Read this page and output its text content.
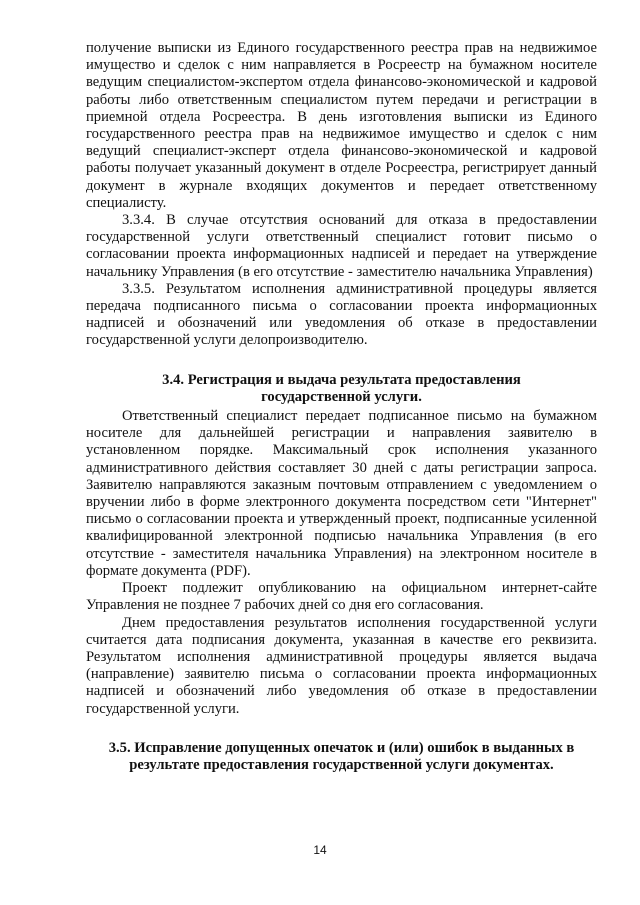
получение выписки из Единого государственного реестра прав на недвижимое имущество и сделок с ним направляется в Росреестр на бумажном носителе ведущим специалистом-экспертом отдела финансово-экономической и кадровой работы либо ответственным специалистом путем передачи и регистрации в приемной отдела Росреестра. В день изготовления выписки из Единого государственного реестра прав на недвижимое имущество и сделок с ним ведущий специалист-эксперт отдела финансово-экономической и кадровой работы получает указанный документ в отделе Росреестра, регистрирует данный документ в журнале входящих документов и передает ответственному специалисту.

3.3.4. В случае отсутствия оснований для отказа в предоставлении государственной услуги ответственный специалист готовит письмо о согласовании проекта информационных надписей и передает на утверждение начальнику Управления (в его отсутствие - заместителю начальника Управления)

3.3.5. Результатом исполнения административной процедуры является передача подписанного письма о согласовании проекта информационных надписей и обозначений или уведомления об отказе в предоставлении государственной услуги делопроизводителю.

3.4. Регистрация и выдача результата предоставления государственной услуги.

Ответственный специалист передает подписанное письмо на бумажном носителе для дальнейшей регистрации и направления заявителю в установленном порядке. Максимальный срок исполнения указанного административного действия составляет 30 дней с даты регистрации запроса. Заявителю направляются заказным почтовым отправлением с уведомлением о вручении либо в форме электронного документа посредством сети "Интернет" письмо о согласовании проекта и утвержденный проект, подписанные усиленной квалифицированной электронной подписью начальника Управления (в его отсутствие - заместителя начальника Управления) на электронном носителе в формате документа (PDF).

Проект подлежит опубликованию на официальном интернет-сайте Управления не позднее 7 рабочих дней со дня его согласования.

Днем предоставления результатов исполнения государственной услуги считается дата подписания документа, указанная в качестве его реквизита. Результатом исполнения административной процедуры является выдача (направление) заявителю письма о согласовании проекта информационных надписей и обозначений либо уведомления об отказе в предоставлении государственной услуги.

3.5. Исправление допущенных опечаток и (или) ошибок в выданных в результате предоставления государственной услуги документах.

14
